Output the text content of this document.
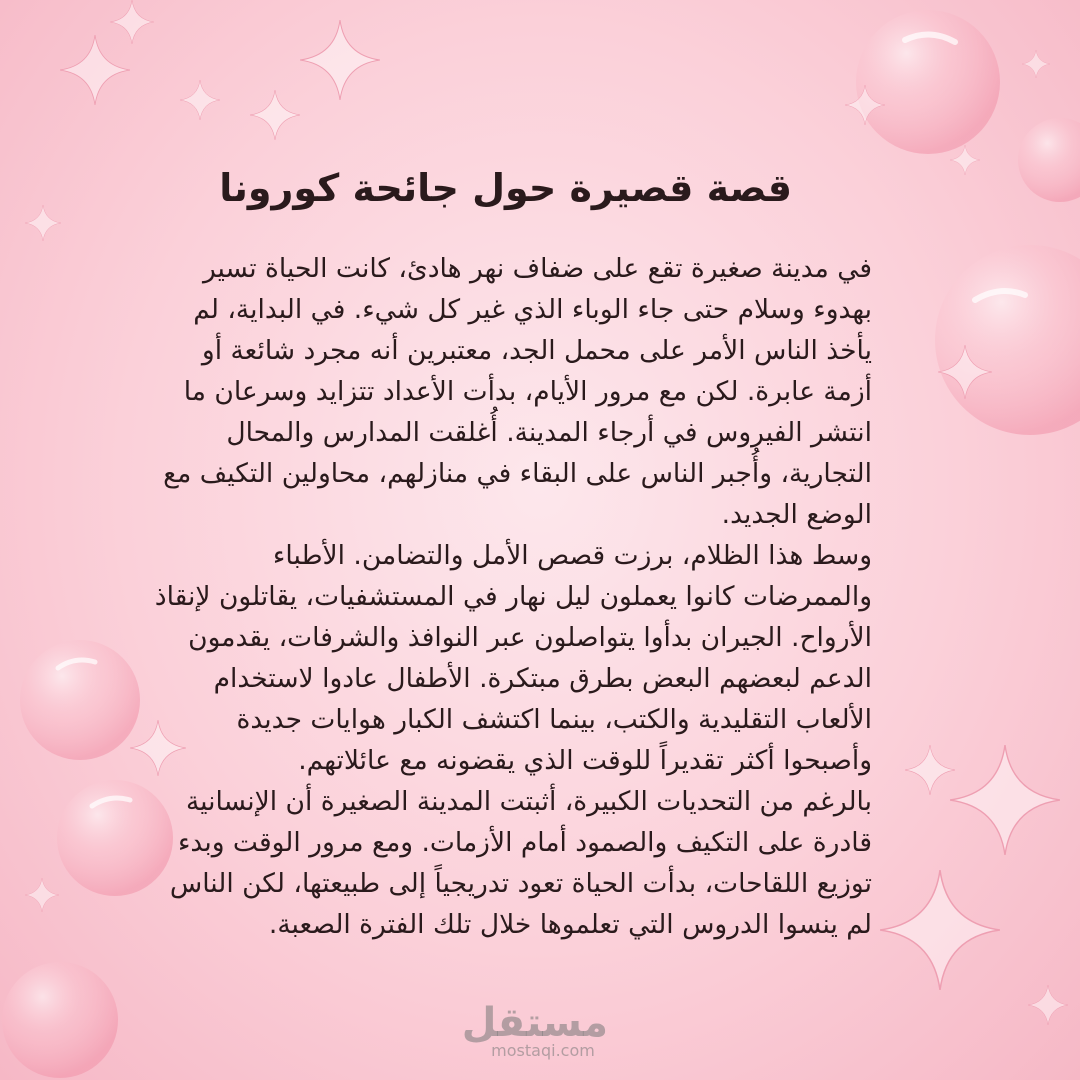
قصة قصيرة حول جائحة كورونا

في مدينة صغيرة تقع على ضفاف نهر هادئ، كانت الحياة تسير بهدوء وسلام حتى جاء الوباء الذي غير كل شيء. في البداية، لم يأخذ الناس الأمر على محمل الجد، معتبرين أنه مجرد شائعة أو أزمة عابرة. لكن مع مرور الأيام، بدأت الأعداد تتزايد وسرعان ما انتشر الفيروس في أرجاء المدينة. أُغلقت المدارس والمحال التجارية، وأُجبر الناس على البقاء في منازلهم، محاولين التكيف مع الوضع الجديد.

وسط هذا الظلام، برزت قصص الأمل والتضامن. الأطباء والممرضات كانوا يعملون ليل نهار في المستشفيات، يقاتلون لإنقاذ الأرواح. الجيران بدأوا يتواصلون عبر النوافذ والشرفات، يقدمون الدعم لبعضهم البعض بطرق مبتكرة. الأطفال عادوا لاستخدام الألعاب التقليدية والكتب، بينما اكتشف الكبار هوايات جديدة وأصبحوا أكثر تقديراً للوقت الذي يقضونه مع عائلاتهم.

بالرغم من التحديات الكبيرة، أثبتت المدينة الصغيرة أن الإنسانية قادرة على التكيف والصمود أمام الأزمات. ومع مرور الوقت وبدء توزيع اللقاحات، بدأت الحياة تعود تدريجياً إلى طبيعتها، لكن الناس لم ينسوا الدروس التي تعلموها خلال تلك الفترة الصعبة.

مستقل
mostaqi.com
